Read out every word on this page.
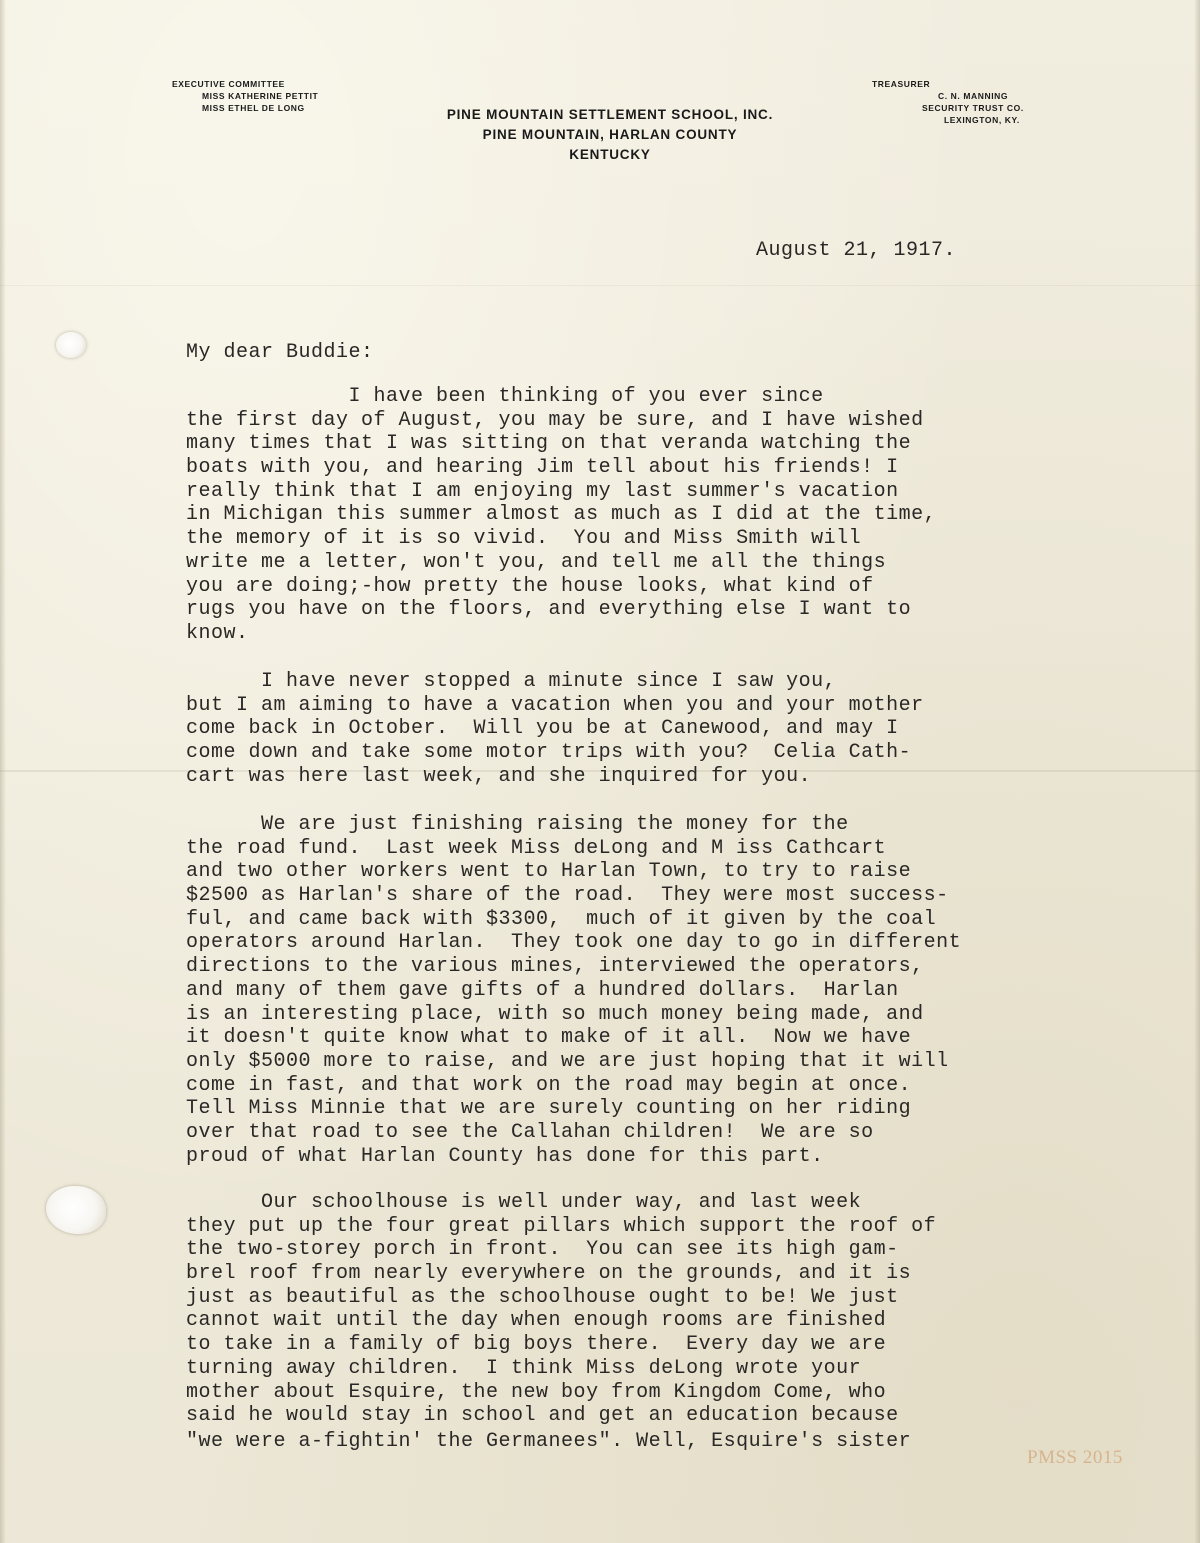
EXECUTIVE COMMITTEE
MISS KATHERINE PETTIT
MISS ETHEL DE LONG	PINE MOUNTAIN SETTLEMENT SCHOOL, INC.
PINE MOUNTAIN, HARLAN COUNTY
KENTUCKY
TREASURER
C. N. MANNING
SECURITY TRUST CO.
LEXINGTON, KY.
August 21, 1917.
My dear Buddie:
I have been thinking of you ever since
the first day of August, you may be sure, and I have wished
many times that I was sitting on that veranda watching the
boats with you, and hearing Jim tell about his friends! I
really think that I am enjoying my last summer's vacation
in Michigan this summer almost as much as I did at the time,
the memory of it is so vivid.  You and Miss Smith will
write me a letter, won't you, and tell me all the things
you are doing;-how pretty the house looks, what kind of
rugs you have on the floors, and everything else I want to
know.
I have never stopped a minute since I saw you,
but I am aiming to have a vacation when you and your mother
come back in October.  Will you be at Canewood, and may I
come down and take some motor trips with you?  Celia Cath-
cart was here last week, and she inquired for you.
We are just finishing raising the money for the
the road fund.  Last week Miss deLong and M iss Cathcart
and two other workers went to Harlan Town, to try to raise
$2500 as Harlan's share of the road.  They were most success-
ful, and came back with $3300,  much of it given by the coal
operators around Harlan.  They took one day to go in different
directions to the various mines, interviewed the operators,
and many of them gave gifts of a hundred dollars.  Harlan
is an interesting place, with so much money being made, and
it doesn't quite know what to make of it all.  Now we have
only $5000 more to raise, and we are just hoping that it will
come in fast, and that work on the road may begin at once.
Tell Miss Minnie that we are surely counting on her riding
over that road to see the Callahan children!  We are so
proud of what Harlan County has done for this part.
Our schoolhouse is well under way, and last week
they put up the four great pillars which support the roof of
the two-storey porch in front.  You can see its high gam-
brel roof from nearly everywhere on the grounds, and it is
just as beautiful as the schoolhouse ought to be! We just
cannot wait until the day when enough rooms are finished
to take in a family of big boys there.  Every day we are
turning away children.  I think Miss deLong wrote your
mother about Esquire, the new boy from Kingdom Come, who
said he would stay in school and get an education because
"we were a-fightin' the Germanees". Well, Esquire's sister
PMSS 2015
